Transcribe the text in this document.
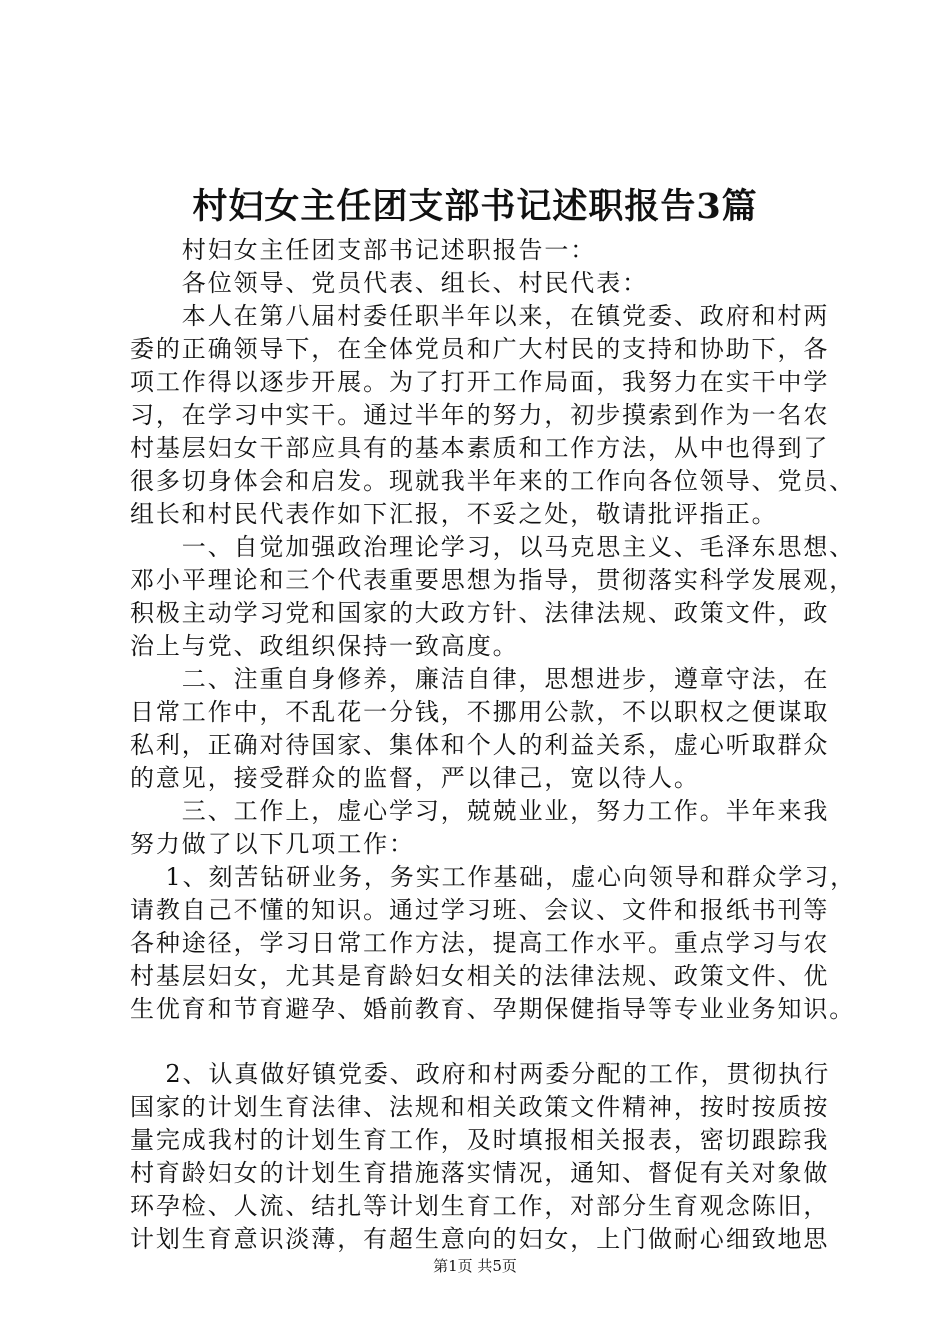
村妇女主任团支部书记述职报告3篇
　　村妇女主任团支部书记述职报告一：
　　各位领导、党员代表、组长、村民代表：
　　本人在第八届村委任职半年以来，在镇党委、政府和村两
委的正确领导下，在全体党员和广大村民的支持和协助下，各
项工作得以逐步开展。为了打开工作局面，我努力在实干中学
习，在学习中实干。通过半年的努力，初步摸索到作为一名农
村基层妇女干部应具有的基本素质和工作方法，从中也得到了
很多切身体会和启发。现就我半年来的工作向各位领导、党员、
组长和村民代表作如下汇报，不妥之处，敬请批评指正。
　　一、自觉加强政治理论学习，以马克思主义、毛泽东思想、
邓小平理论和三个代表重要思想为指导，贯彻落实科学发展观，
积极主动学习党和国家的大政方针、法律法规、政策文件，政
治上与党、政组织保持一致高度。
　　二、注重自身修养，廉洁自律，思想进步，遵章守法，在
日常工作中，不乱花一分钱，不挪用公款，不以职权之便谋取
私利，正确对待国家、集体和个人的利益关系，虚心听取群众
的意见，接受群众的监督，严以律己，宽以待人。
　　三、工作上，虚心学习，兢兢业业，努力工作。半年来我
努力做了以下几项工作：
　 1、刻苦钻研业务，务实工作基础，虚心向领导和群众学习，
请教自己不懂的知识。通过学习班、会议、文件和报纸书刊等
各种途径，学习日常工作方法，提高工作水平。重点学习与农
村基层妇女，尤其是育龄妇女相关的法律法规、政策文件、优
生优育和节育避孕、婚前教育、孕期保健指导等专业业务知识。
　 2、认真做好镇党委、政府和村两委分配的工作，贯彻执行
国家的计划生育法律、法规和相关政策文件精神，按时按质按
量完成我村的计划生育工作，及时填报相关报表，密切跟踪我
村育龄妇女的计划生育措施落实情况，通知、督促有关对象做
环孕检、人流、结扎等计划生育工作，对部分生育观念陈旧，
计划生育意识淡薄，有超生意向的妇女，上门做耐心细致地思
第1页 共5页
